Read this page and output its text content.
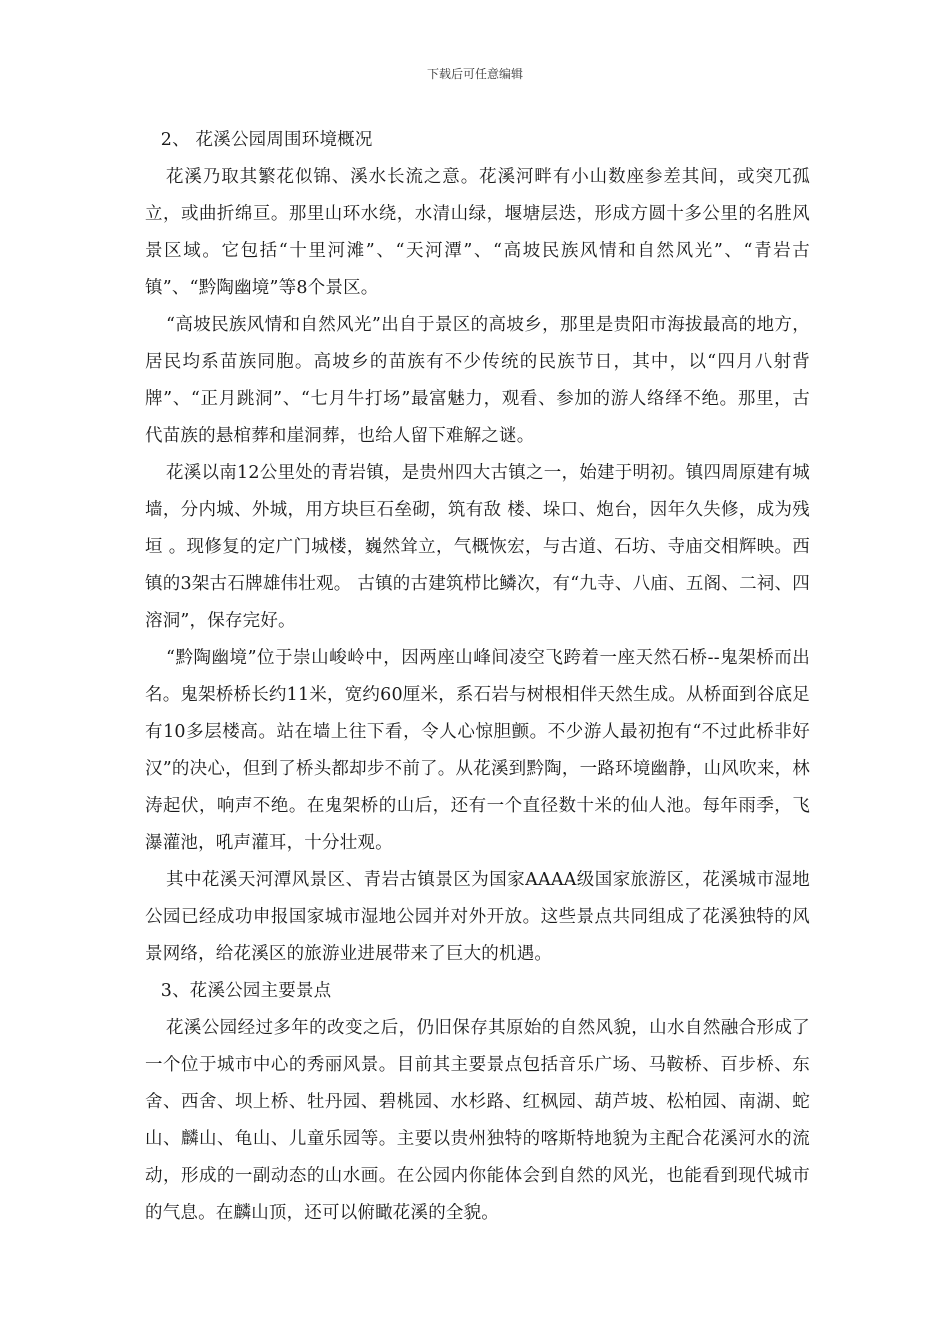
下载后可任意编辑

2、 花溪公园周围环境概况

花溪乃取其繁花似锦、溪水长流之意。花溪河畔有小山数座参差其间，或突兀孤立，或曲折绵亘。那里山环水绕，水清山绿，堰塘层迭，形成方圆十多公里的名胜风景区域。它包括“十里河滩”、“天河潭”、“高坡民族风情和自然风光”、“青岩古镇”、“黔陶幽境”等8个景区。

“高坡民族风情和自然风光”出自于景区的高坡乡，那里是贵阳市海拔最高的地方，居民均系苗族同胞。高坡乡的苗族有不少传统的民族节日，其中，以“四月八射背牌”、“正月跳洞”、“七月牛打场”最富魅力，观看、参加的游人络绎不绝。那里，古代苗族的悬棺葬和崖洞葬，也给人留下难解之谜。

花溪以南12公里处的青岩镇，是贵州四大古镇之一，始建于明初。镇四周原建有城墙，分内城、外城，用方块巨石垒砌，筑有敌 楼、垛口、炮台，因年久失修，成为残垣 。现修复的定广门城楼，巍然耸立，气概恢宏，与古道、石坊、寺庙交相辉映。西镇的3架古石牌雄伟壮观。 古镇的古建筑栉比鳞次，有“九寺、八庙、五阁、二祠、四溶洞”，保存完好。

“黔陶幽境”位于崇山峻岭中，因两座山峰间凌空飞跨着一座天然石桥--鬼架桥而出名。鬼架桥桥长约11米，宽约60厘米，系石岩与树根相伴天然生成。从桥面到谷底足有10多层楼高。站在墙上往下看，令人心惊胆颤。不少游人最初抱有“不过此桥非好汉”的决心，但到了桥头都却步不前了。从花溪到黔陶，一路环境幽静，山风吹来，林涛起伏，响声不绝。在鬼架桥的山后，还有一个直径数十米的仙人池。每年雨季，飞瀑灌池，吼声灌耳，十分壮观。

其中花溪天河潭风景区、青岩古镇景区为国家AAAA级国家旅游区，花溪城市湿地公园已经成功申报国家城市湿地公园并对外开放。这些景点共同组成了花溪独特的风景网络，给花溪区的旅游业进展带来了巨大的机遇。

3、花溪公园主要景点

花溪公园经过多年的改变之后，仍旧保存其原始的自然风貌，山水自然融合形成了一个位于城市中心的秀丽风景。目前其主要景点包括音乐广场、马鞍桥、百步桥、东舍、西舍、坝上桥、牡丹园、碧桃园、水杉路、红枫园、葫芦坡、松柏园、南湖、蛇山、麟山、龟山、儿童乐园等。主要以贵州独特的喀斯特地貌为主配合花溪河水的流动，形成的一副动态的山水画。在公园内你能体会到自然的风光，也能看到现代城市的气息。在麟山顶，还可以俯瞰花溪的全貌。
